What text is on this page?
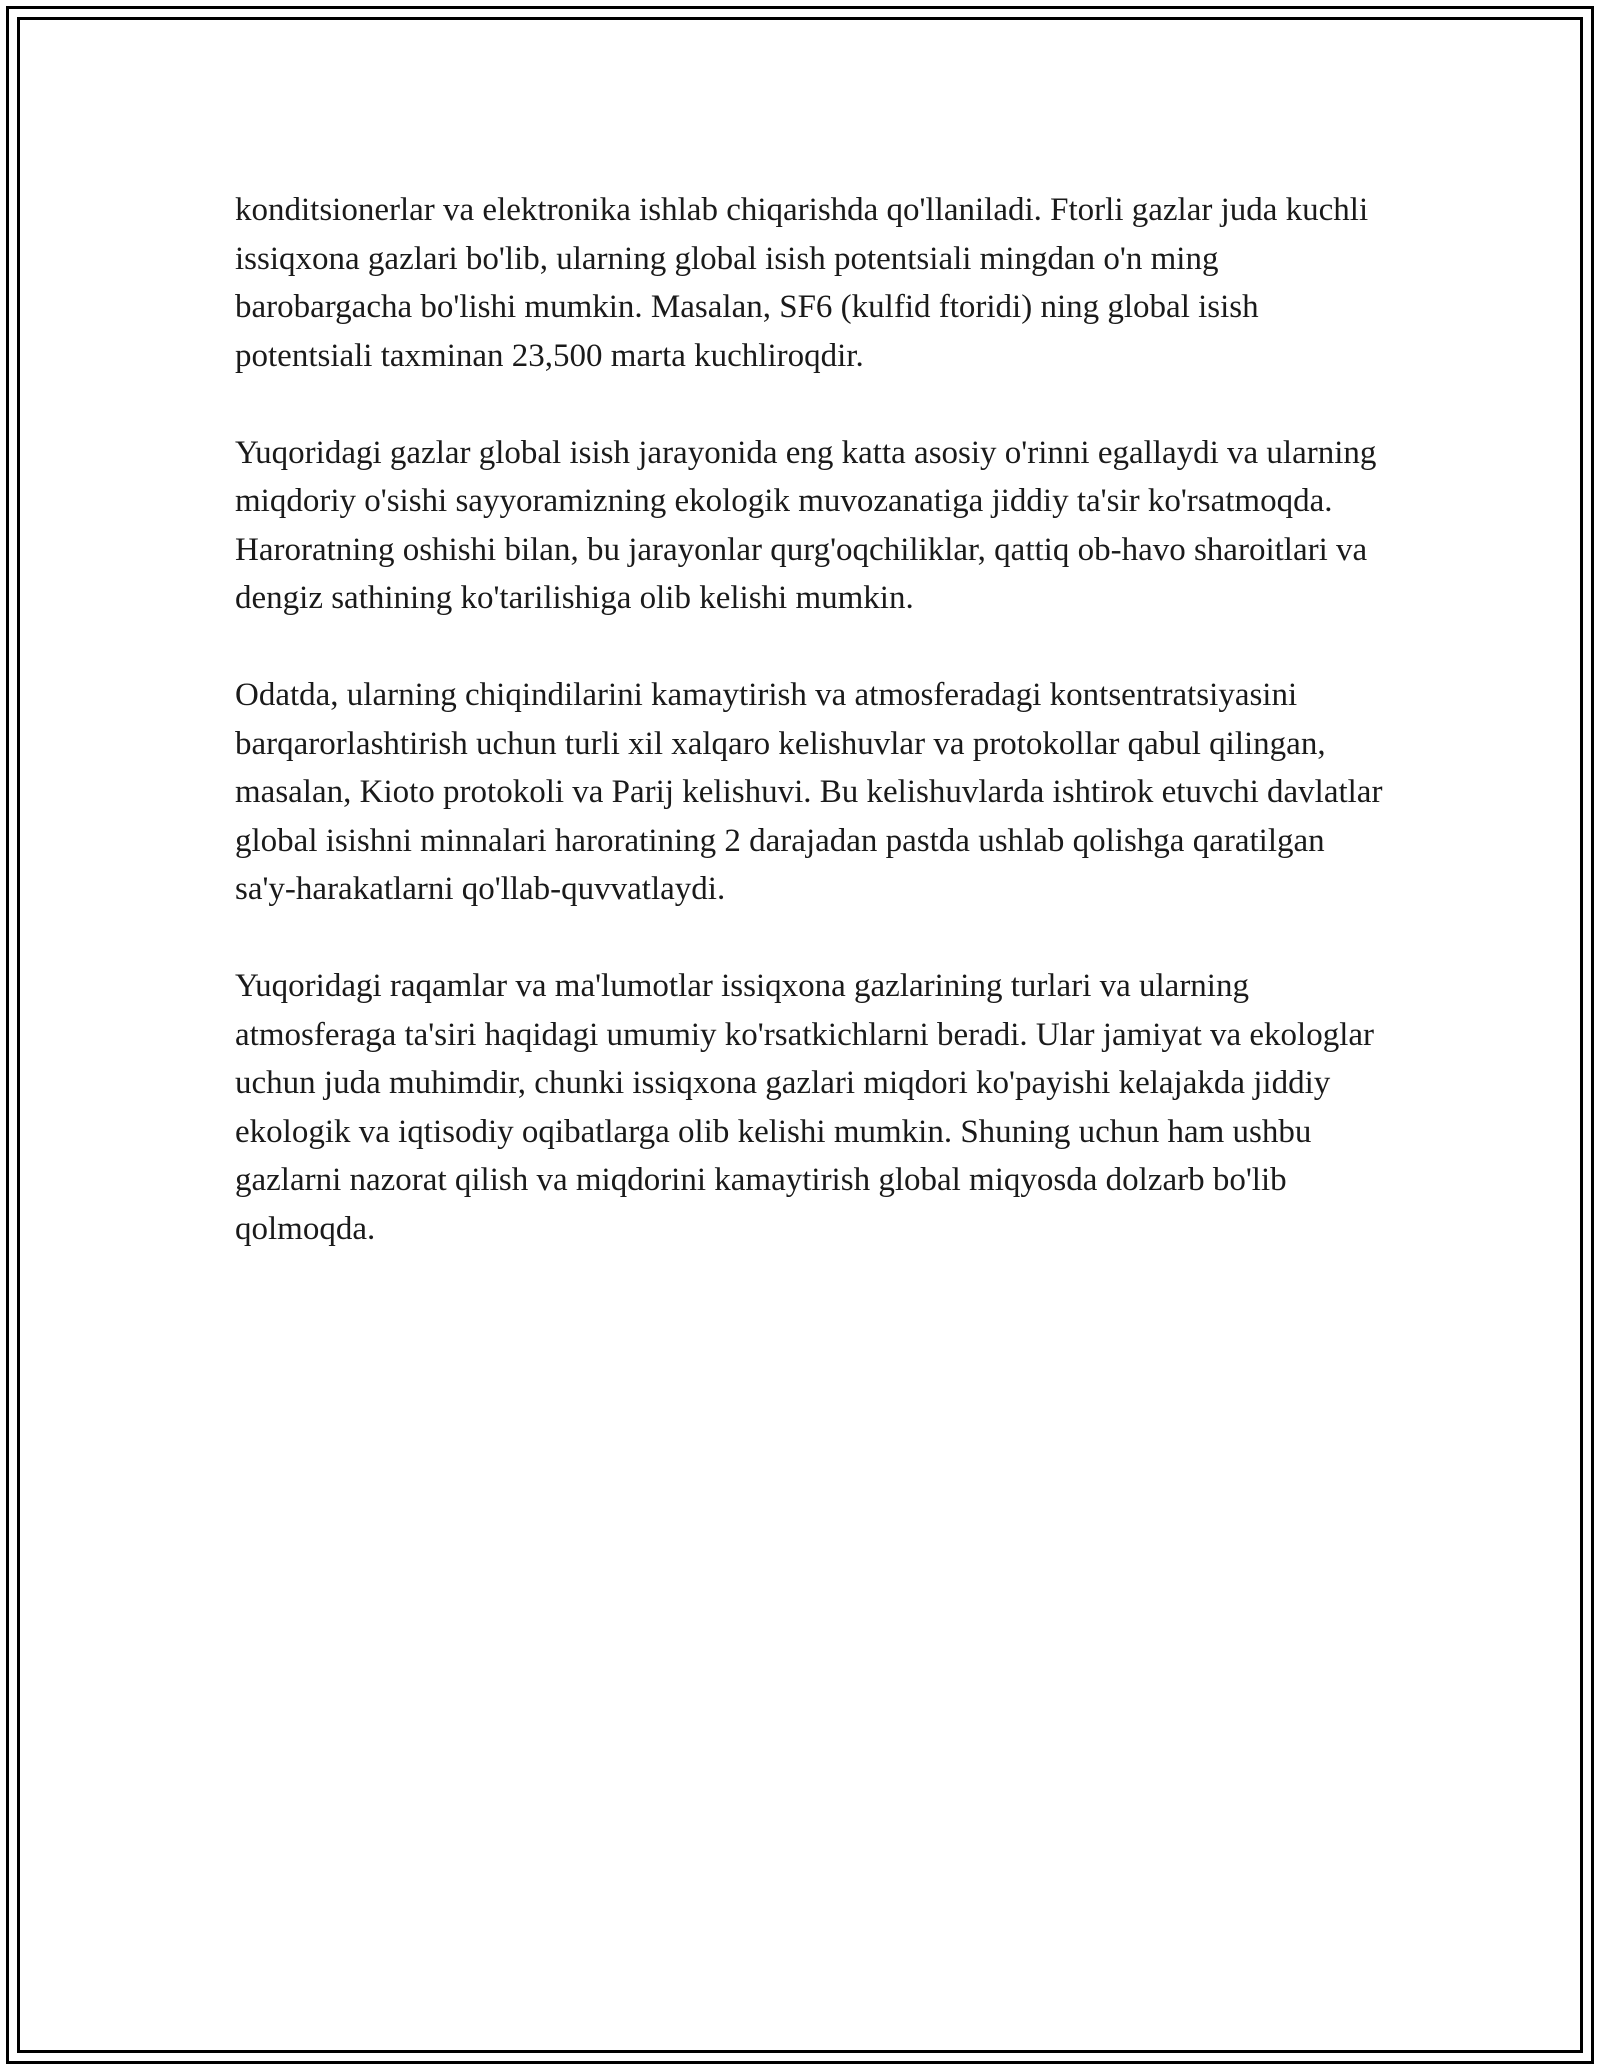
konditsionerlar va elektronika ishlab chiqarishda qo'llaniladi. Ftorli gazlar juda kuchli issiqxona gazlari bo'lib, ularning global isish potentsiali mingdan o'n ming barobargacha bo'lishi mumkin. Masalan, SF6 (kulfid ftoridi) ning global isish potentsiali taxminan 23,500 marta kuchliroqdir.

Yuqoridagi gazlar global isish jarayonida eng katta asosiy o'rinni egallaydi va ularning miqdoriy o'sishi sayyoramizning ekologik muvozanatiga jiddiy ta'sir ko'rsatmoqda. Haroratning oshishi bilan, bu jarayonlar qurg'oqchiliklar, qattiq ob-havo sharoitlari va dengiz sathining ko'tarilishiga olib kelishi mumkin.

Odatda, ularning chiqindilarini kamaytirish va atmosferadagi kontsentratsiyasini barqarorlashtirish uchun turli xil xalqaro kelishuvlar va protokollar qabul qilingan, masalan, Kioto protokoli va Parij kelishuvi. Bu kelishuvlarda ishtirok etuvchi davlatlar global isishni minnalari haroratining 2 darajadan pastda ushlab qolishga qaratilgan sa'y-harakatlarni qo'llab-quvvatlaydi.

Yuqoridagi raqamlar va ma'lumotlar issiqxona gazlarining turlari va ularning atmosferaga ta'siri haqidagi umumiy ko'rsatkichlarni beradi. Ular jamiyat va ekologlar uchun juda muhimdir, chunki issiqxona gazlari miqdori ko'payishi kelajakda jiddiy ekologik va iqtisodiy oqibatlarga olib kelishi mumkin. Shuning uchun ham ushbu gazlarni nazorat qilish va miqdorini kamaytirish global miqyosda dolzarb bo'lib qolmoqda.
